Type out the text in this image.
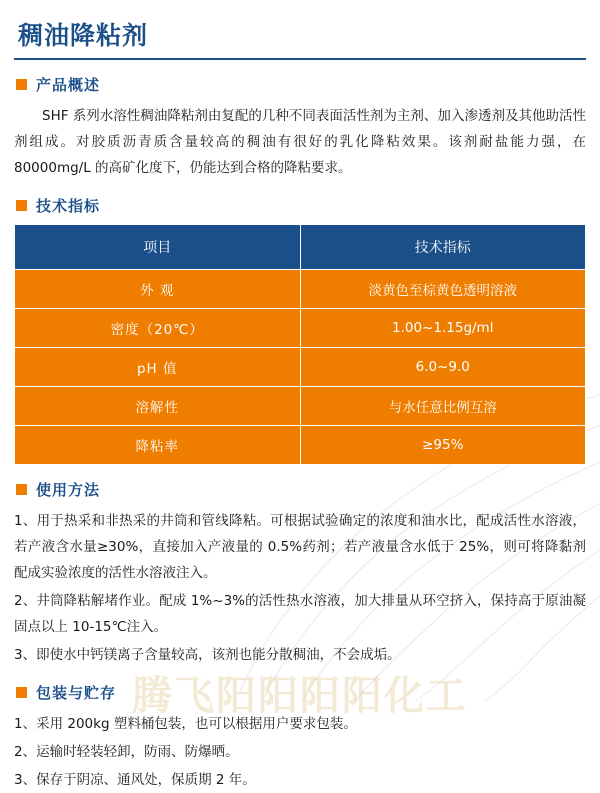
腾飞阳阳阳阳化工
稠油降粘剂
产品概述

SHF 系列水溶性稠油降粘剂由复配的几种不同表面活性剂为主剂、加入渗透剂及其他助活性剂组成。对胶质沥青质含量较高的稠油有很好的乳化降粘效果。该剂耐盐能力强，在 80000mg/L 的高矿化度下，仍能达到合格的降粘要求。

技术指标
项目	技术指标
外 观	淡黄色至棕黄色透明溶液
密度（20℃）	1.00~1.15g/ml
pH 值	6.0~9.0
溶解性	与水任意比例互溶
降粘率	≥95%
使用方法

1、用于热采和非热采的井筒和管线降粘。可根据试验确定的浓度和油水比，配成活性水溶液，若产液含水量≥30%，直接加入产液量的 0.5%药剂；若产液量含水低于 25%，则可将降黏剂配成实验浓度的活性水溶液注入。

2、井筒降粘解堵作业。配成 1%~3%的活性热水溶液，加大排量从环空挤入，保持高于原油凝固点以上 10-15℃注入。

3、即使水中钙镁离子含量较高，该剂也能分散稠油，不会成垢。

包装与贮存

1、采用 200kg 塑料桶包装，也可以根据用户要求包装。

2、运输时轻装轻卸，防雨、防爆晒。

3、保存于阴凉、通风处，保质期 2 年。
